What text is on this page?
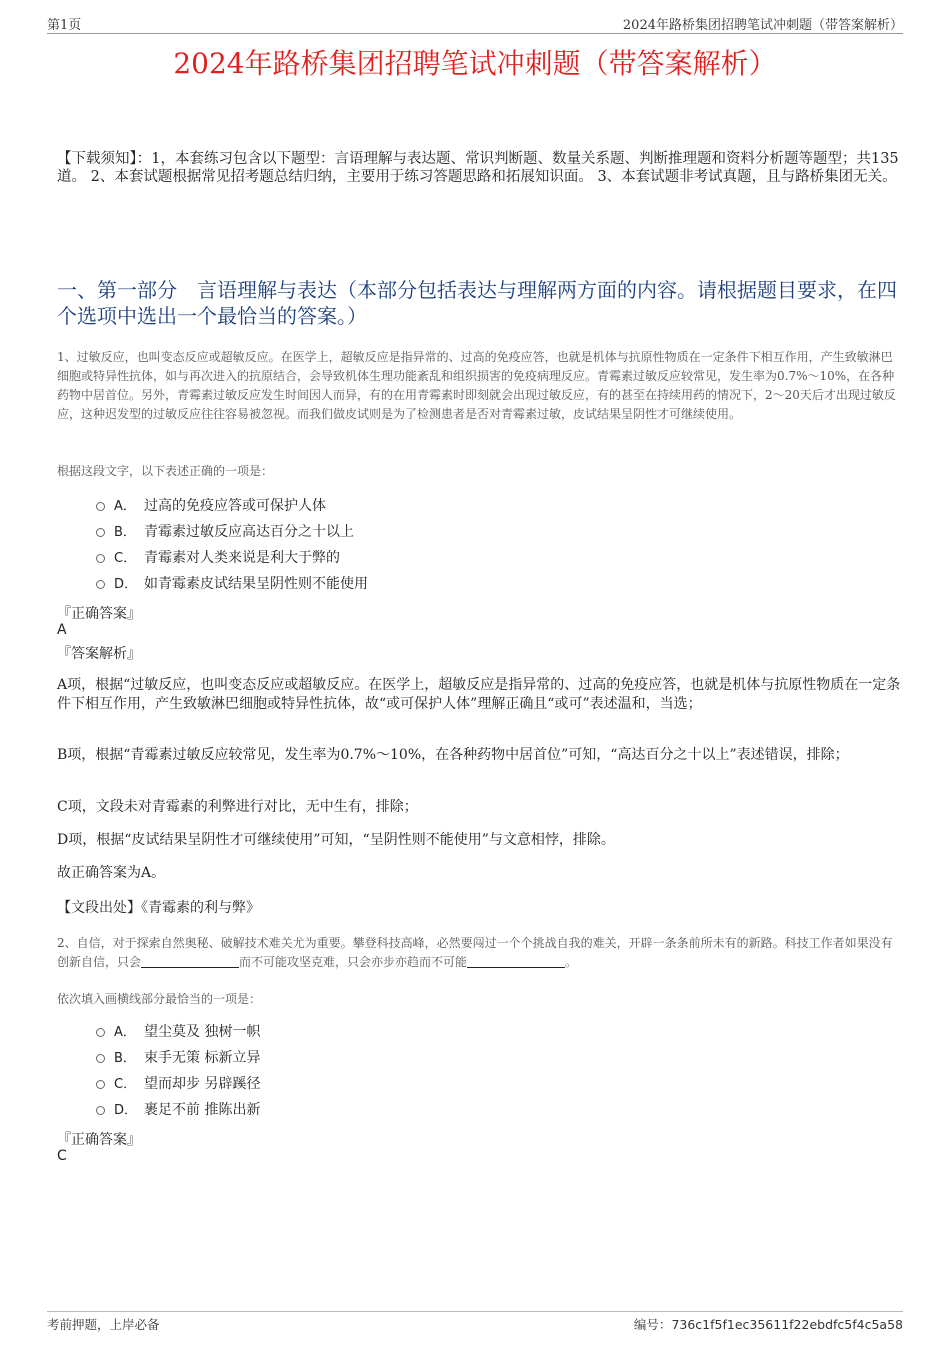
第1页	2024年路桥集团招聘笔试冲刺题（带答案解析）
2024年路桥集团招聘笔试冲刺题（带答案解析）
【下载须知】：1，本套练习包含以下题型：言语理解与表达题、常识判断题、数量关系题、判断推理题和资料分析题等题型；共135道。 2、本套试题根据常见招考题总结归纳，主要用于练习答题思路和拓展知识面。 3、本套试题非考试真题，且与路桥集团无关。
一、第一部分　言语理解与表达（本部分包括表达与理解两方面的内容。请根据题目要求，在四个选项中选出一个最恰当的答案。）
1、过敏反应，也叫变态反应或超敏反应。在医学上，超敏反应是指异常的、过高的免疫应答，也就是机体与抗原性物质在一定条件下相互作用，产生致敏淋巴细胞或特异性抗体，如与再次进入的抗原结合，会导致机体生理功能紊乱和组织损害的免疫病理反应。青霉素过敏反应较常见，发生率为0.7%～10%，在各种药物中居首位。另外，青霉素过敏反应发生时间因人而异，有的在用青霉素时即刻就会出现过敏反应，有的甚至在持续用药的情况下，2～20天后才出现过敏反应，这种迟发型的过敏反应往往容易被忽视。而我们做皮试则是为了检测患者是否对青霉素过敏，皮试结果呈阴性才可继续使用。
根据这段文字，以下表述正确的一项是：
A． 过高的免疫应答或可保护人体
B． 青霉素过敏反应高达百分之十以上
C． 青霉素对人类来说是利大于弊的
D． 如青霉素皮试结果呈阴性则不能使用
『正确答案』
A
『答案解析』
A项，根据“过敏反应，也叫变态反应或超敏反应。在医学上，超敏反应是指异常的、过高的免疫应答，也就是机体与抗原性物质在一定条件下相互作用，产生致敏淋巴细胞或特异性抗体，故“或可保护人体”理解正确且“或可”表述温和，当选；
B项，根据“青霉素过敏反应较常见，发生率为0.7%～10%，在各种药物中居首位”可知，“高达百分之十以上”表述错误，排除；
C项，文段未对青霉素的利弊进行对比，无中生有，排除；
D项，根据“皮试结果呈阴性才可继续使用”可知，“呈阴性则不能使用”与文意相悖，排除。
故正确答案为A。
【文段出处】《青霉素的利与弊》
2、自信，对于探索自然奥秘、破解技术难关尤为重要。攀登科技高峰，必然要闯过一个个挑战自我的难关，开辟一条条前所未有的新路。科技工作者如果没有创新自信，只会	而不可能攻坚克难，只会亦步亦趋而不可能	。
依次填入画横线部分最恰当的一项是：
A． 望尘莫及 独树一帜
B． 束手无策 标新立异
C． 望而却步 另辟蹊径
D． 裹足不前 推陈出新
『正确答案』
C
考前押题，上岸必备	编号：736c1f5f1ec35611f22ebdfc5f4c5a58
